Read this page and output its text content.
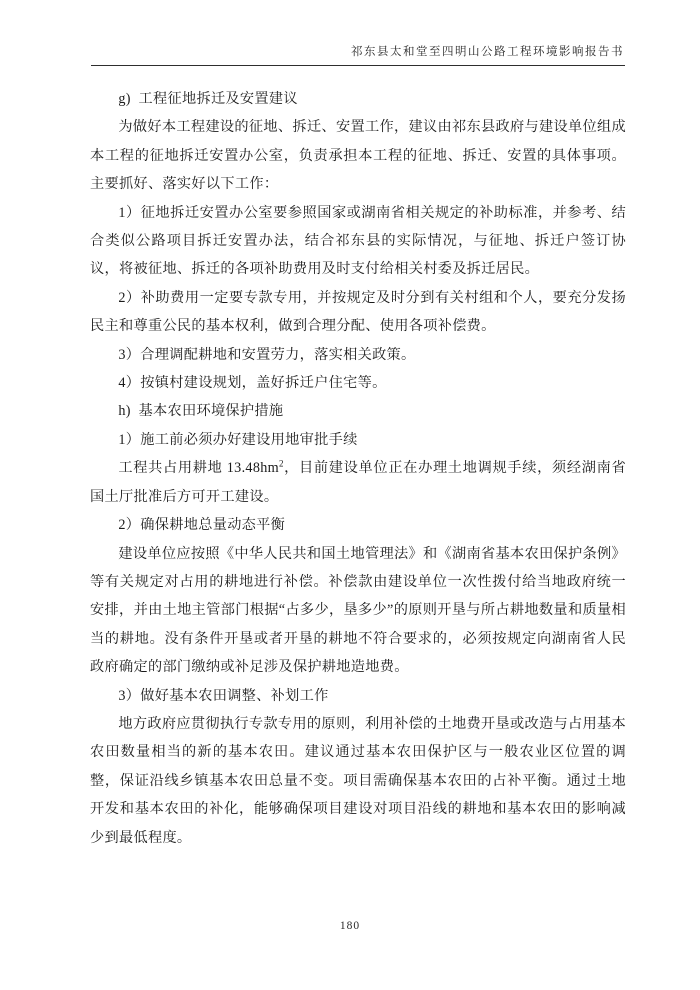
祁东县太和堂至四明山公路工程环境影响报告书

g)  工程征地拆迁及安置建议

为做好本工程建设的征地、拆迁、安置工作，建议由祁东县政府与建设单位组成本工程的征地拆迁安置办公室，负责承担本工程的征地、拆迁、安置的具体事项。主要抓好、落实好以下工作：

1）征地拆迁安置办公室要参照国家或湖南省相关规定的补助标准，并参考、结合类似公路项目拆迁安置办法，结合祁东县的实际情况，与征地、拆迁户签订协议，将被征地、拆迁的各项补助费用及时支付给相关村委及拆迁居民。

2）补助费用一定要专款专用，并按规定及时分到有关村组和个人，要充分发扬民主和尊重公民的基本权利，做到合理分配、使用各项补偿费。

3）合理调配耕地和安置劳力，落实相关政策。

4）按镇村建设规划，盖好拆迁户住宅等。

h)  基本农田环境保护措施

1）施工前必须办好建设用地审批手续

工程共占用耕地 $13.48hm^2$，目前建设单位正在办理土地调规手续，须经湖南省国土厅批准后方可开工建设。

2）确保耕地总量动态平衡

建设单位应按照《中华人民共和国土地管理法》和《湖南省基本农田保护条例》等有关规定对占用的耕地进行补偿。补偿款由建设单位一次性拨付给当地政府统一安排，并由土地主管部门根据“占多少，垦多少”的原则开垦与所占耕地数量和质量相当的耕地。没有条件开垦或者开垦的耕地不符合要求的，必须按规定向湖南省人民政府确定的部门缴纳或补足涉及保护耕地造地费。

3）做好基本农田调整、补划工作

地方政府应贯彻执行专款专用的原则，利用补偿的土地费开垦或改造与占用基本农田数量相当的新的基本农田。建议通过基本农田保护区与一般农业区位置的调整，保证沿线乡镇基本农田总量不变。项目需确保基本农田的占补平衡。通过土地开发和基本农田的补化，能够确保项目建设对项目沿线的耕地和基本农田的影响减少到最低程度。

180
